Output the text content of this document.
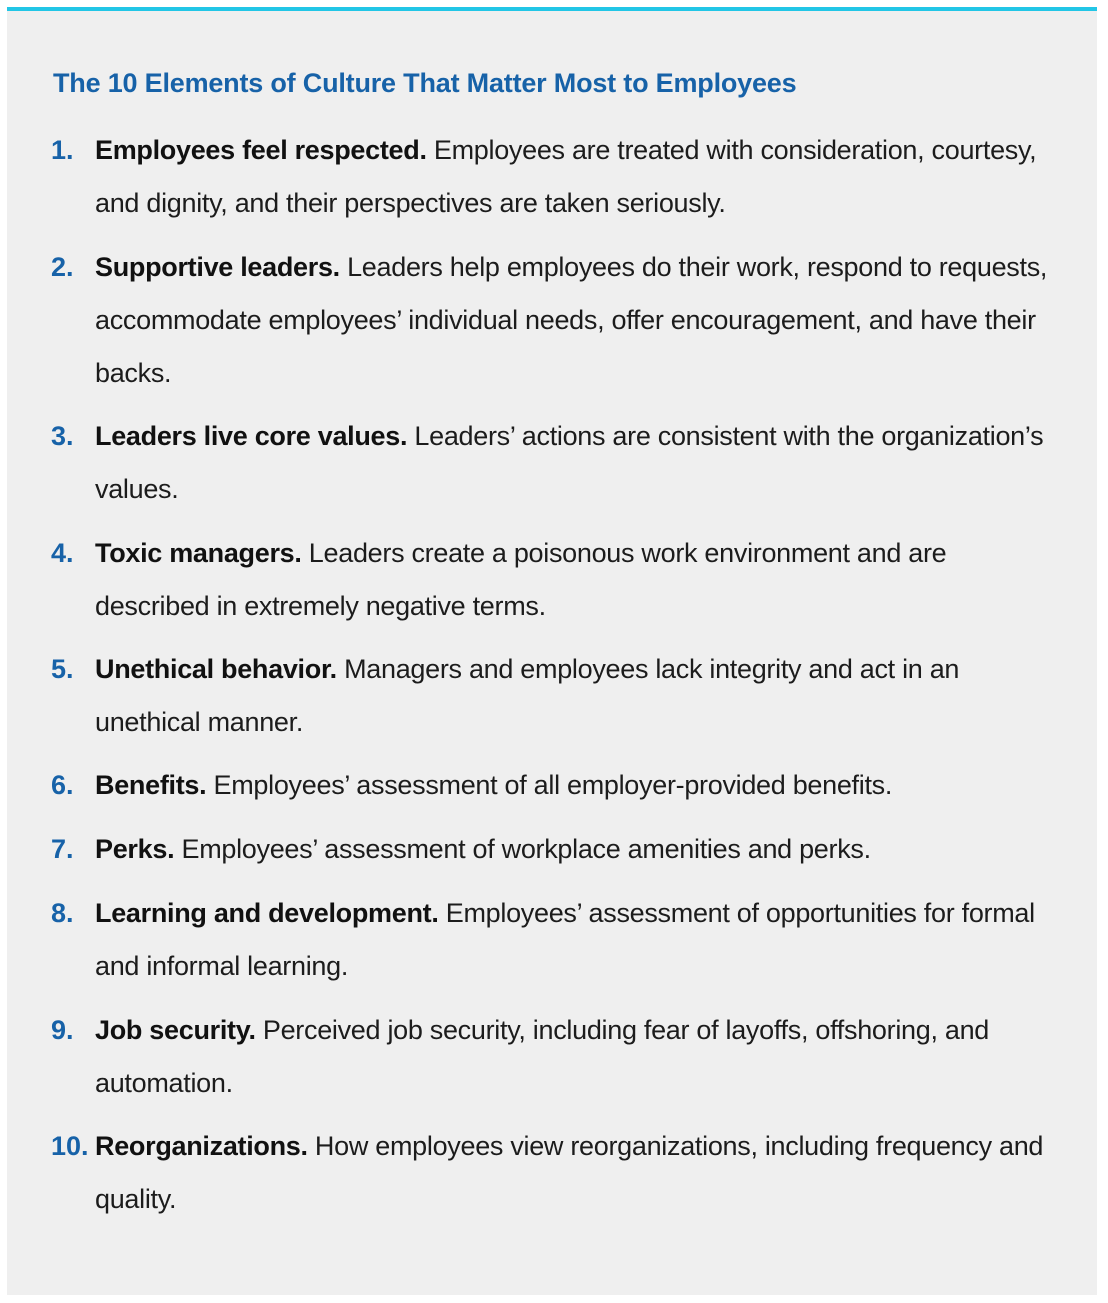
The 10 Elements of Culture That Matter Most to Employees
1. Employees feel respected. Employees are treated with consideration, courtesy, and dignity, and their perspectives are taken seriously.
2. Supportive leaders. Leaders help employees do their work, respond to requests, accommodate employees’ individual needs, offer encouragement, and have their backs.
3. Leaders live core values. Leaders’ actions are consistent with the organization’s values.
4. Toxic managers. Leaders create a poisonous work environment and are described in extremely negative terms.
5. Unethical behavior. Managers and employees lack integrity and act in an unethical manner.
6. Benefits. Employees’ assessment of all employer-provided benefits.
7. Perks. Employees’ assessment of workplace amenities and perks.
8. Learning and development. Employees’ assessment of opportunities for formal and informal learning.
9. Job security. Perceived job security, including fear of layoffs, offshoring, and automation.
10. Reorganizations. How employees view reorganizations, including frequency and quality.
